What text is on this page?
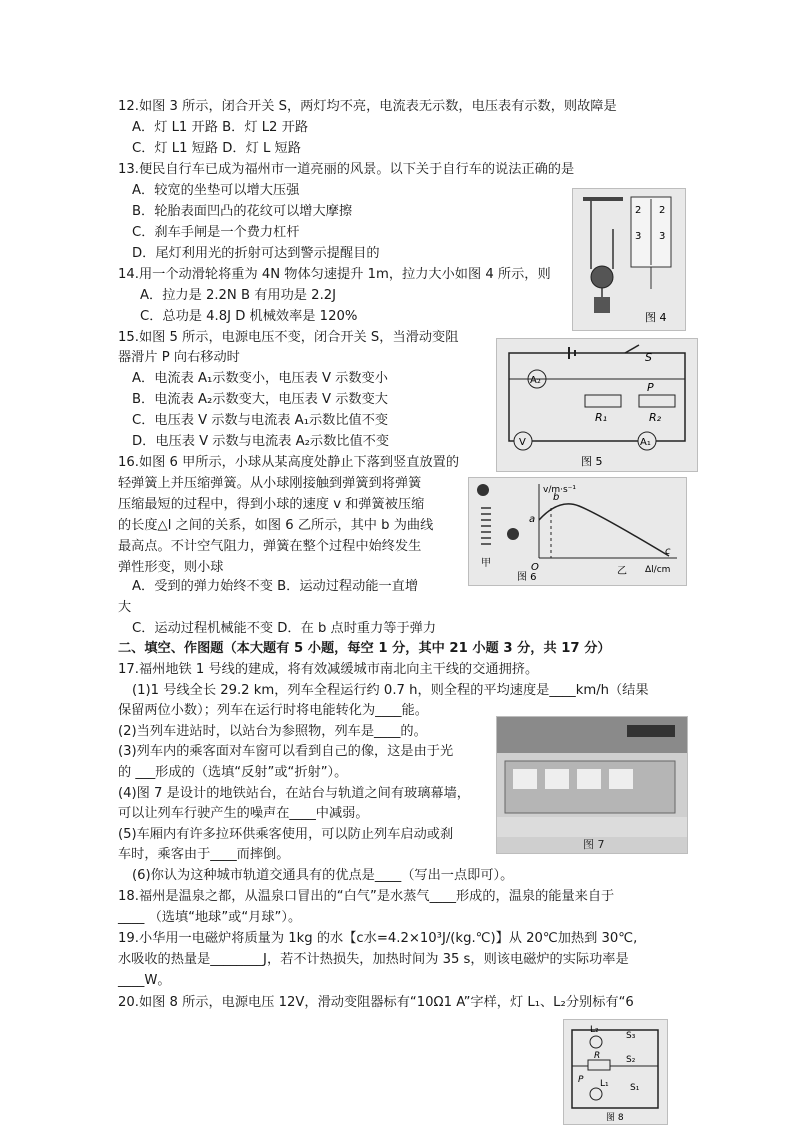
12.如图 3 所示，闭合开关 S，两灯均不亮，电流表无示数，电压表有示数，则故障是
A．灯 L1 开路 B．灯 L2 开路
C．灯 L1 短路 D．灯 L 短路
13.便民自行车已成为福州市一道亮丽的风景。以下关于自行车的说法正确的是
A．较宽的坐垫可以增大压强
B．轮胎表面凹凸的花纹可以增大摩擦
C．刹车手闸是一个费力杠杆
D．尾灯利用光的折射可达到警示提醒目的
14.用一个动滑轮将重为 4N 物体匀速提升 1m，拉力大小如图 4 所示，则
A．拉力是 2.2N B 有用功是 2.2J
C．总功是 4.8J D 机械效率是 120%
15.如图 5 所示，电源电压不变，闭合开关 S，当滑动变阻
器滑片 P 向右移动时
A．电流表 A₁示数变小，电压表 V 示数变小
B．电流表 A₂示数变大，电压表 V 示数变大
C．电压表 V 示数与电流表 A₁示数比值不变
D．电压表 V 示数与电流表 A₂示数比值不变
16.如图 6 甲所示，小球从某高度处静止下落到竖直放置的
轻弹簧上并压缩弹簧。从小球刚接触到弹簧到将弹簧
压缩最短的过程中，得到小球的速度 v 和弹簧被压缩
的长度△l 之间的关系，如图 6 乙所示，其中 b 为曲线
最高点。不计空气阻力，弹簧在整个过程中始终发生
弹性形变，则小球
A．受到的弹力始终不变 B．运动过程动能一直增
大
C．运动过程机械能不变 D．在 b 点时重力等于弹力
二、填空、作图题（本大题有 5 小题，每空 1 分，其中 21 小题 3 分，共 17 分）
17.福州地铁 1 号线的建成，将有效减缓城市南北向主干线的交通拥挤。
(1)1 号线全长 29.2 km，列车全程运行约 0.7 h，则全程的平均速度是____km/h（结果
保留两位小数）；列车在运行时将电能转化为____能。
(2)当列车进站时，以站台为参照物，列车是____的。
(3)列车内的乘客面对车窗可以看到自己的像，这是由于光
的 ___形成的（选填“反射”或“折射”）。
(4)图 7 是设计的地铁站台，在站台与轨道之间有玻璃幕墙，
可以让列车行驶产生的噪声在____中减弱。
(5)车厢内有许多拉环供乘客使用，可以防止列车启动或刹
车时，乘客由于____而摔倒。
(6)你认为这种城市轨道交通具有的优点是____（写出一点即可）。
18.福州是温泉之都，从温泉口冒出的“白气”是水蒸气____形成的，温泉的能量来自于
____ （选填“地球”或“月球”）。
19.小华用一电磁炉将质量为 1kg 的水【c水=4.2×10³J/(kg.℃)】从 20℃加热到 30℃,
水吸收的热量是________J，若不计热损失，加热时间为 35 s，则该电磁炉的实际功率是
____W。
20.如图 8 所示，电源电压 12V，滑动变阻器标有“10Ω1 A”字样，灯 L₁、L₂分别标有“6
2
3
2
3
图 4
S
A₂
P
R₁	R₂
V	A₁
图 5
甲
v/m·s⁻¹
Δl/cm
a
b
c
O	乙
图 6
图 7
L₂
S₃
R	S₂
P L₁ S₁
图 8
